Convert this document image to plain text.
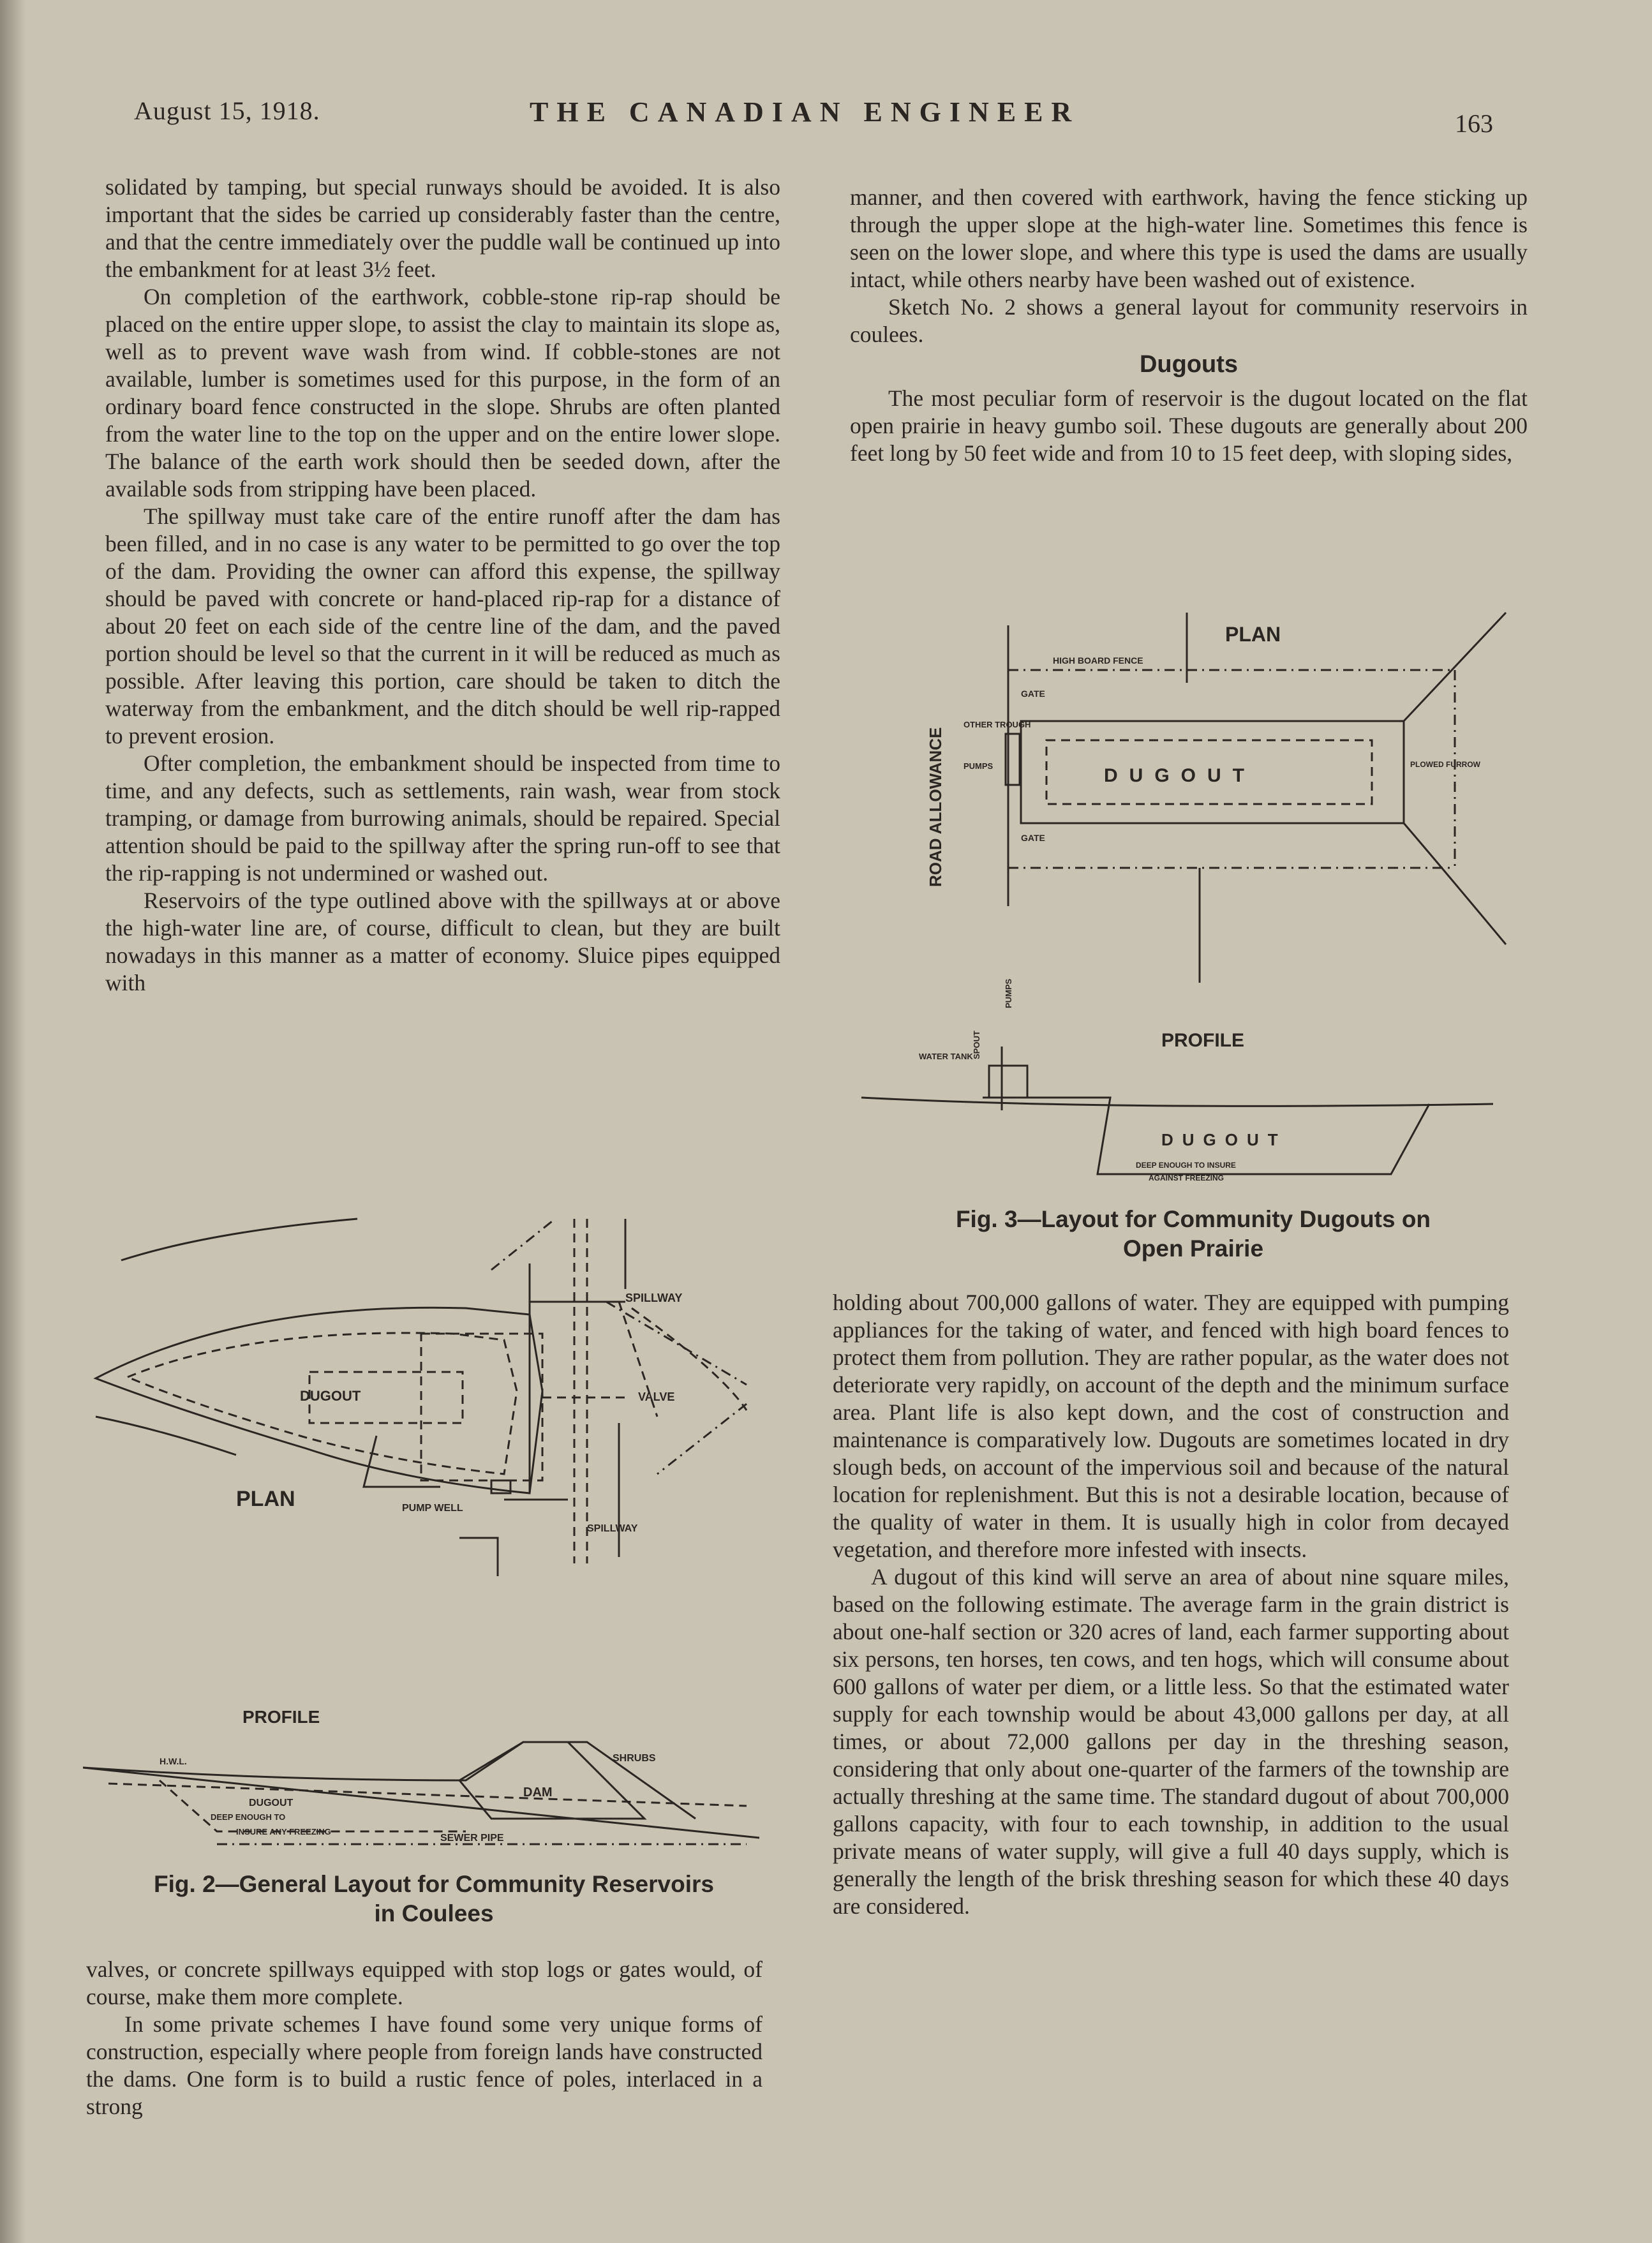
August 15, 1918.	THE CANADIAN ENGINEER	163

solidated by tamping, but special runways should be avoided. It is also important that the sides be carried up considerably faster than the centre, and that the centre immediately over the puddle wall be continued up into the embankment for at least 3½ feet.

On completion of the earthwork, cobble-stone rip-rap should be placed on the entire upper slope, to assist the clay to maintain its slope as, well as to prevent wave wash from wind. If cobble-stones are not available, lumber is sometimes used for this purpose, in the form of an ordinary board fence constructed in the slope. Shrubs are often planted from the water line to the top on the upper and on the entire lower slope. The balance of the earth work should then be seeded down, after the available sods from stripping have been placed.

The spillway must take care of the entire runoff after the dam has been filled, and in no case is any water to be permitted to go over the top of the dam. Providing the owner can afford this expense, the spillway should be paved with concrete or hand-placed rip-rap for a distance of about 20 feet on each side of the centre line of the dam, and the paved portion should be level so that the current in it will be reduced as much as possible. After leaving this portion, care should be taken to ditch the waterway from the embankment, and the ditch should be well rip-rapped to prevent erosion.

Ofter completion, the embankment should be inspected from time to time, and any defects, such as settlements, rain wash, wear from stock tramping, or damage from burrowing animals, should be repaired. Special attention should be paid to the spillway after the spring run-off to see that the rip-rapping is not undermined or washed out.

Reservoirs of the type outlined above with the spillways at or above the high-water line are, of course, difficult to clean, but they are built nowadays in this manner as a matter of economy. Sluice pipes equipped with

DUGOUT
SPILLWAY
VALVE
PUMP WELL
SPILLWAY
PLAN
PROFILE
H.W.L.	SHRUBS
DAM
DUGOUT
DEEP ENOUGH TO
INSURE ANY FREEZING
SEWER PIPE
Fig. 2—General Layout for Community Reservoirs
in Coulees

valves, or concrete spillways equipped with stop logs or gates would, of course, make them more complete.

In some private schemes I have found some very unique forms of construction, especially where people from foreign lands have constructed the dams. One form is to build a rustic fence of poles, interlaced in a strong

manner, and then covered with earthwork, having the fence sticking up through the upper slope at the high-water line. Sometimes this fence is seen on the lower slope, and where this type is used the dams are usually intact, while others nearby have been washed out of existence.

Sketch No. 2 shows a general layout for community reservoirs in coulees.

Dugouts

The most peculiar form of reservoir is the dugout located on the flat open prairie in heavy gumbo soil. These dugouts are generally about 200 feet long by 50 feet wide and from 10 to 15 feet deep, with sloping sides,

ROAD ALLOWANCE
PLAN
HIGH BOARD FENCE
GATE
GATE
DUGOUT
OTHER TROUGH
PUMPS	PLOWED FURROW
PROFILE
WATER TANK
SPOUT
PUMPS
DUGOUT
DEEP ENOUGH TO INSURE
AGAINST FREEZING
Fig. 3—Layout for Community Dugouts on
Open Prairie

holding about 700,000 gallons of water. They are equipped with pumping appliances for the taking of water, and fenced with high board fences to protect them from pollution. They are rather popular, as the water does not deteriorate very rapidly, on account of the depth and the minimum surface area. Plant life is also kept down, and the cost of construction and maintenance is comparatively low. Dugouts are sometimes located in dry slough beds, on account of the impervious soil and because of the natural location for replenishment. But this is not a desirable location, because of the quality of water in them. It is usually high in color from decayed vegetation, and therefore more infested with insects.

A dugout of this kind will serve an area of about nine square miles, based on the following estimate. The average farm in the grain district is about one-half section or 320 acres of land, each farmer supporting about six persons, ten horses, ten cows, and ten hogs, which will consume about 600 gallons of water per diem, or a little less. So that the estimated water supply for each township would be about 43,000 gallons per day, at all times, or about 72,000 gallons per day in the threshing season, considering that only about one-quarter of the farmers of the township are actually threshing at the same time. The standard dugout of about 700,000 gallons capacity, with four to each township, in addition to the usual private means of water supply, will give a full 40 days supply, which is generally the length of the brisk threshing season for which these 40 days are considered.
